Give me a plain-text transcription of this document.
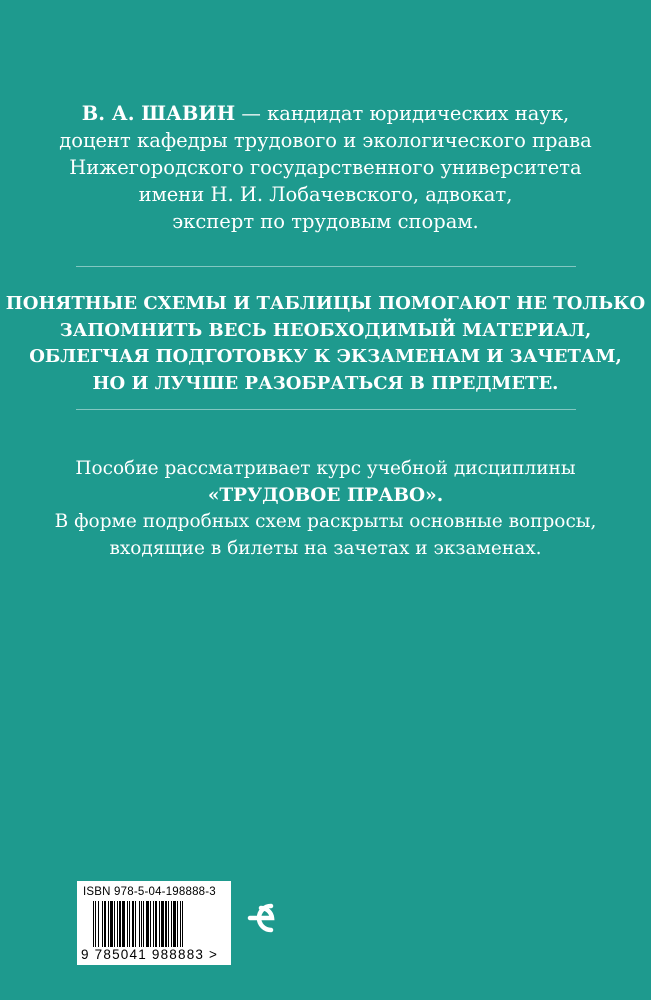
В. А. ШАВИН — кандидат юридических наук,
доцент кафедры трудового и экологического права
Нижегородского государственного университета
имени Н. И. Лобачевского, адвокат,
эксперт по трудовым спорам.
ПОНЯТНЫЕ СХЕМЫ И ТАБЛИЦЫ ПОМОГАЮТ НЕ ТОЛЬКО
ЗАПОМНИТЬ ВЕСЬ НЕОБХОДИМЫЙ МАТЕРИАЛ,
ОБЛЕГЧАЯ ПОДГОТОВКУ К ЭКЗАМЕНАМ И ЗАЧЕТАМ,
НО И ЛУЧШЕ РАЗОБРАТЬСЯ В ПРЕДМЕТЕ.
Пособие рассматривает курс учебной дисциплины
«ТРУДОВОЕ ПРАВО».
В форме подробных схем раскрыты основные вопросы,
входящие в билеты на зачетах и экзаменах.
ISBN 978-5-04-198888-3
9 785041 988883 >
